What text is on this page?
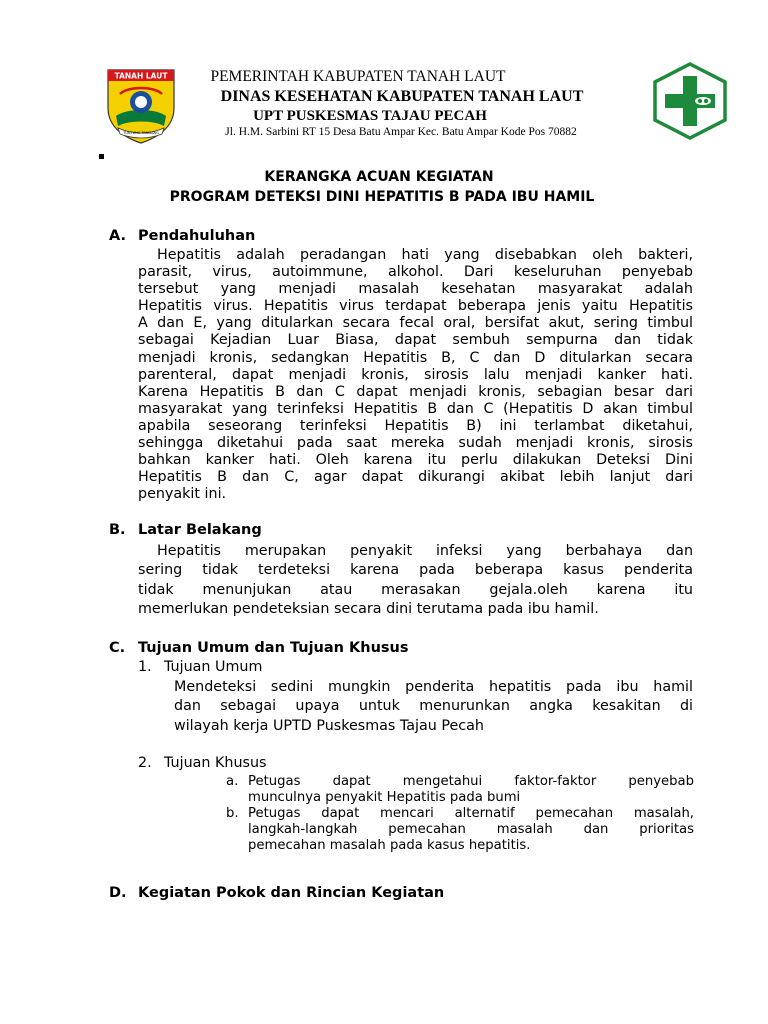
TANAH LAUT
TUNTUNG PANDANG
PEMERINTAH KABUPATEN TANAH LAUT
DINAS KESEHATAN KABUPATEN TANAH LAUT
UPT PUSKESMAS TAJAU PECAH
Jl. H.M. Sarbini RT 15 Desa Batu Ampar Kec. Batu Ampar Kode Pos 70882
KERANGKA ACUAN KEGIATAN
PROGRAM DETEKSI DINI HEPATITIS B PADA IBU HAMIL
A. Pendahuluhan
Hepatitis adalah peradangan hati yang disebabkan oleh bakteri,
parasit, virus, autoimmune, alkohol. Dari keseluruhan penyebab
tersebut yang menjadi masalah kesehatan masyarakat adalah
Hepatitis virus. Hepatitis virus terdapat beberapa jenis yaitu Hepatitis
A dan E, yang ditularkan secara fecal oral, bersifat akut, sering timbul
sebagai Kejadian Luar Biasa, dapat sembuh sempurna dan tidak
menjadi kronis, sedangkan Hepatitis B, C dan D ditularkan secara
parenteral, dapat menjadi kronis, sirosis lalu menjadi kanker hati.
Karena Hepatitis B dan C dapat menjadi kronis, sebagian besar dari
masyarakat yang terinfeksi Hepatitis B dan C (Hepatitis D akan timbul
apabila seseorang terinfeksi Hepatitis B) ini terlambat diketahui,
sehingga diketahui pada saat mereka sudah menjadi kronis, sirosis
bahkan kanker hati. Oleh karena itu perlu dilakukan Deteksi Dini
Hepatitis B dan C, agar dapat dikurangi akibat lebih lanjut dari
penyakit ini.
B. Latar Belakang
Hepatitis merupakan penyakit infeksi yang berbahaya dan
sering tidak terdeteksi karena pada beberapa kasus penderita
tidak menunjukan atau merasakan gejala.oleh karena itu
memerlukan pendeteksian secara dini terutama pada ibu hamil.
C. Tujuan Umum dan Tujuan Khusus
1. Tujuan Umum
Mendeteksi sedini mungkin penderita hepatitis pada ibu hamil
dan sebagai upaya untuk menurunkan angka kesakitan di
wilayah kerja UPTD Puskesmas Tajau Pecah
2. Tujuan Khusus
a. Petugas dapat mengetahui faktor-faktor penyebab
munculnya penyakit Hepatitis pada bumi
b. Petugas dapat mencari alternatif pemecahan masalah,
langkah-langkah pemecahan masalah dan prioritas
pemecahan masalah pada kasus hepatitis.
D. Kegiatan Pokok dan Rincian Kegiatan
